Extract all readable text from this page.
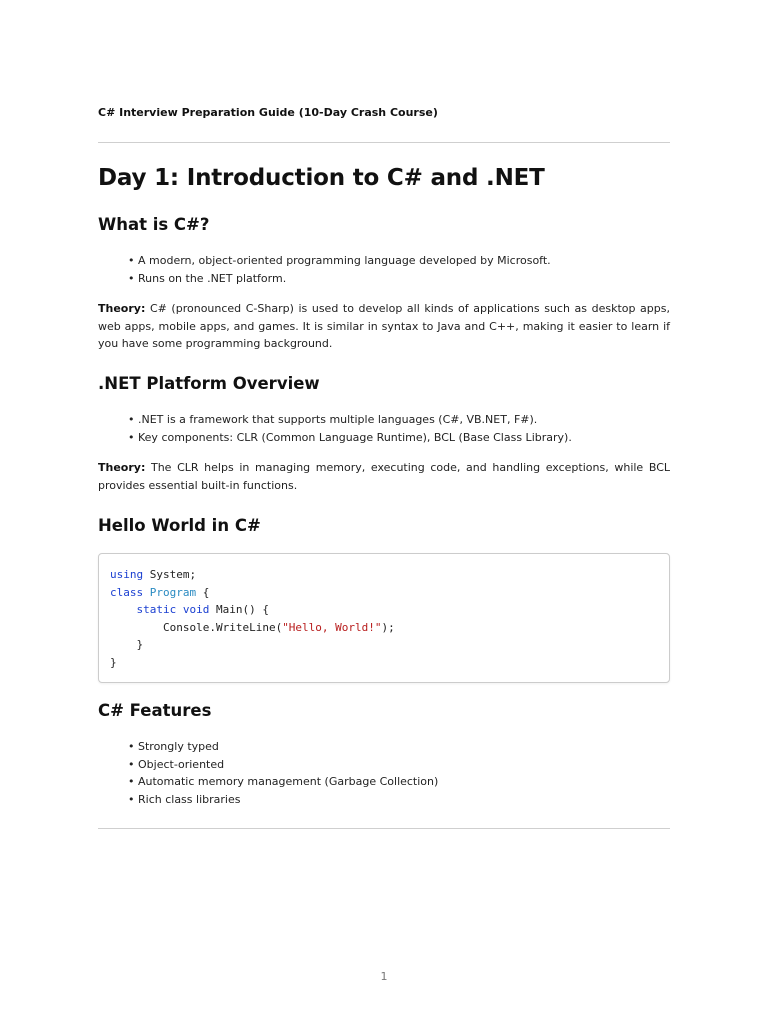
C# Interview Preparation Guide (10-Day Crash Course)
Day 1: Introduction to C# and .NET
What is C#?
• A modern, object-oriented programming language developed by Microsoft.
• Runs on the .NET platform.

Theory: C# (pronounced C-Sharp) is used to develop all kinds of applications such as desktop apps, web apps, mobile apps, and games. It is similar in syntax to Java and C++, making it easier to learn if you have some programming background.

.NET Platform Overview
• .NET is a framework that supports multiple languages (C#, VB.NET, F#).
• Key components: CLR (Common Language Runtime), BCL (Base Class Library).

Theory: The CLR helps in managing memory, executing code, and handling exceptions, while BCL provides essential built-in functions.

Hello World in C#
using System;
class Program {
static void Main() {
Console.WriteLine("Hello, World!");
}
}
C# Features
• Strongly typed
• Object-oriented
• Automatic memory management (Garbage Collection)
• Rich class libraries
1
